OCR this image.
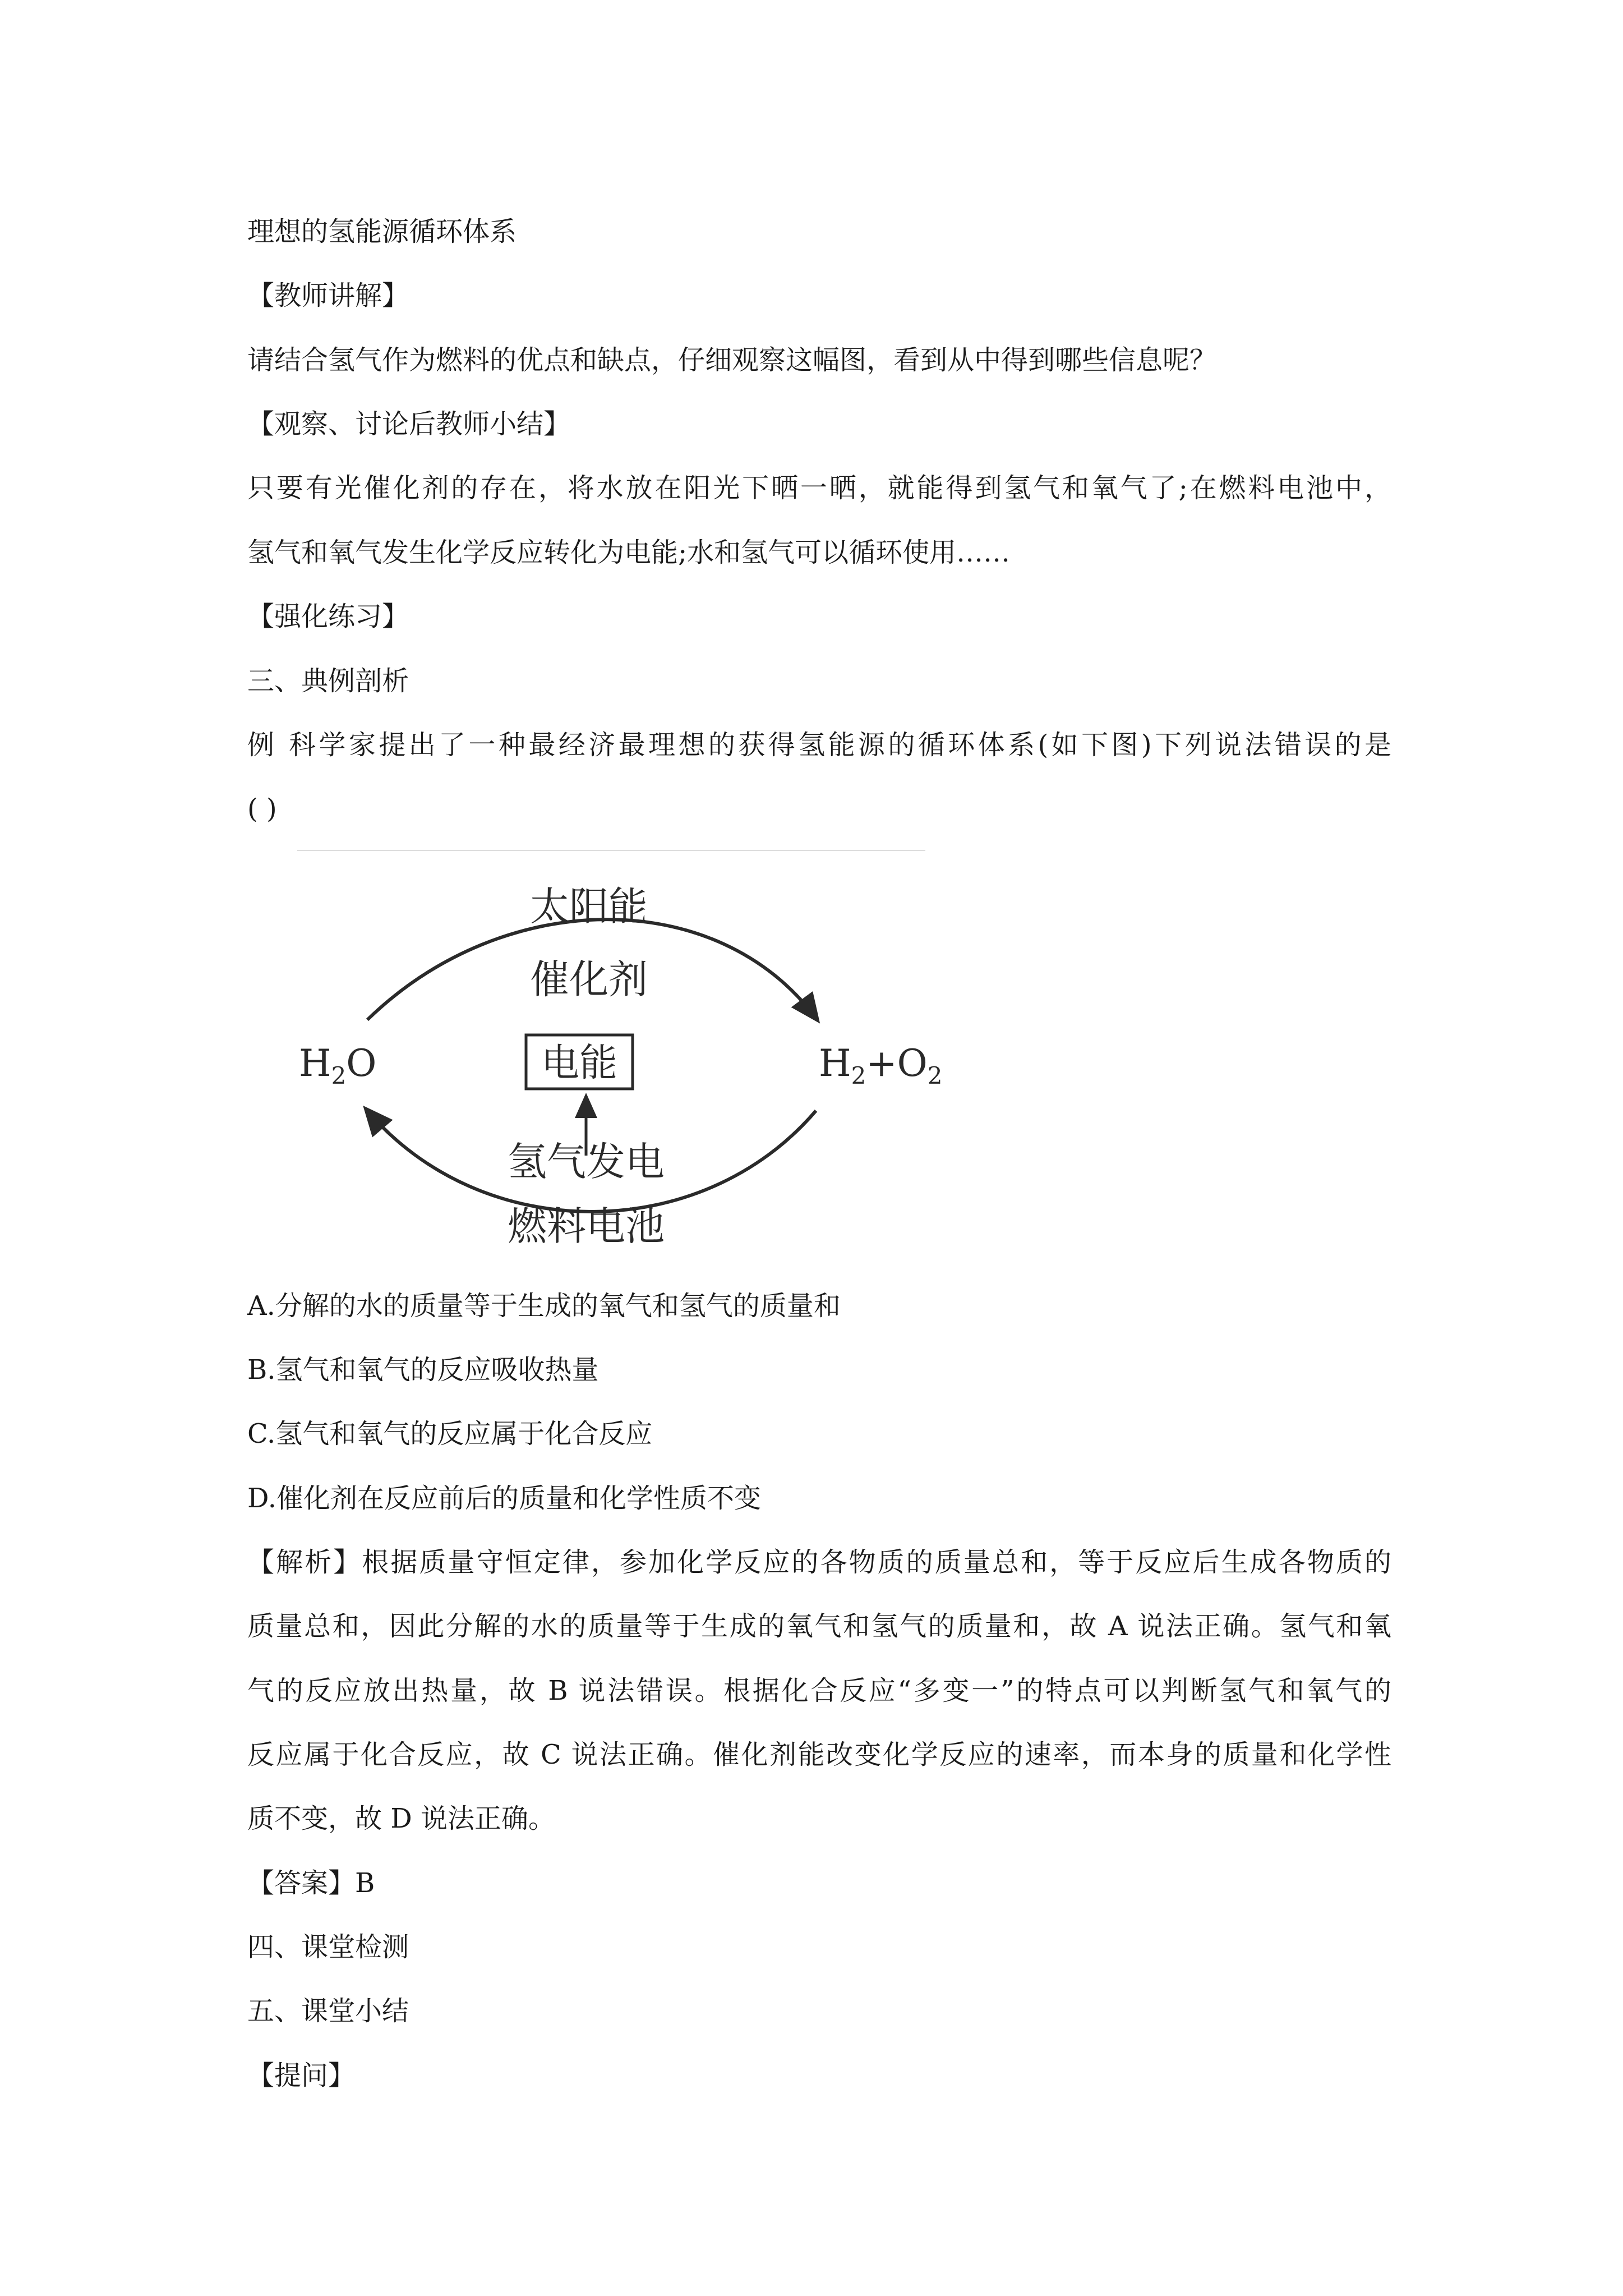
理想的氢能源循环体系

【教师讲解】

请结合氢气作为燃料的优点和缺点，仔细观察这幅图，看到从中得到哪些信息呢？

【观察、讨论后教师小结】

只要有光催化剂的存在，将水放在阳光下晒一晒，就能得到氢气和氧气了;在燃料电池中，

氢气和氧气发生化学反应转化为电能;水和氢气可以循环使用……

【强化练习】

三、典例剖析

例 科学家提出了一种最经济最理想的获得氢能源的循环体系(如下图)下列说法错误的是

( )

太阳能
催化剂
$H_2O$	电能	$H_2+O_2$
氢气发电
燃料电池

A.分解的水的质量等于生成的氧气和氢气的质量和

B.氢气和氧气的反应吸收热量

C.氢气和氧气的反应属于化合反应

D.催化剂在反应前后的质量和化学性质不变

【解析】根据质量守恒定律，参加化学反应的各物质的质量总和，等于反应后生成各物质的

质量总和，因此分解的水的质量等于生成的氧气和氢气的质量和，故 A 说法正确。氢气和氧

气的反应放出热量，故 B 说法错误。根据化合反应“多变一”的特点可以判断氢气和氧气的

反应属于化合反应，故 C 说法正确。催化剂能改变化学反应的速率，而本身的质量和化学性

质不变，故 D 说法正确。

【答案】B

四、课堂检测

五、课堂小结

【提问】
